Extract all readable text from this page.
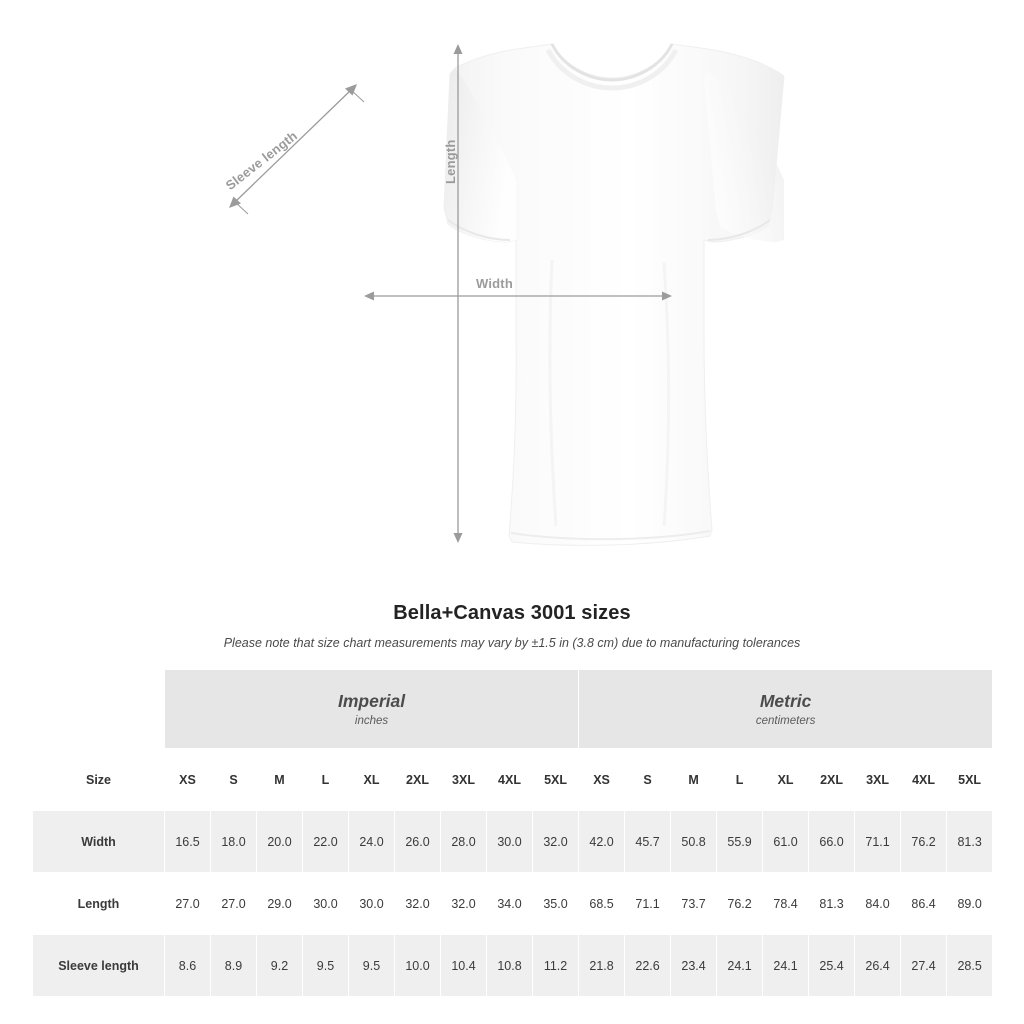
Width
Length
Sleeve length
Bella+Canvas 3001 sizes
Please note that size chart measurements may vary by ±1.5 in (3.8 cm) due to manufacturing tolerances

Imperial
inches

Metric
centimeters

Size	XS	S	M	L	XL	2XL	3XL	4XL	5XL	XS	S	M	L	XL	2XL	3XL	4XL	5XL
Width	16.5	18.0	20.0	22.0	24.0	26.0	28.0	30.0	32.0	42.0	45.7	50.8	55.9	61.0	66.0	71.1	76.2	81.3
Length	27.0	27.0	29.0	30.0	30.0	32.0	32.0	34.0	35.0	68.5	71.1	73.7	76.2	78.4	81.3	84.0	86.4	89.0
Sleeve length	8.6	8.9	9.2	9.5	9.5	10.0	10.4	10.8	11.2	21.8	22.6	23.4	24.1	24.1	25.4	26.4	27.4	28.5
